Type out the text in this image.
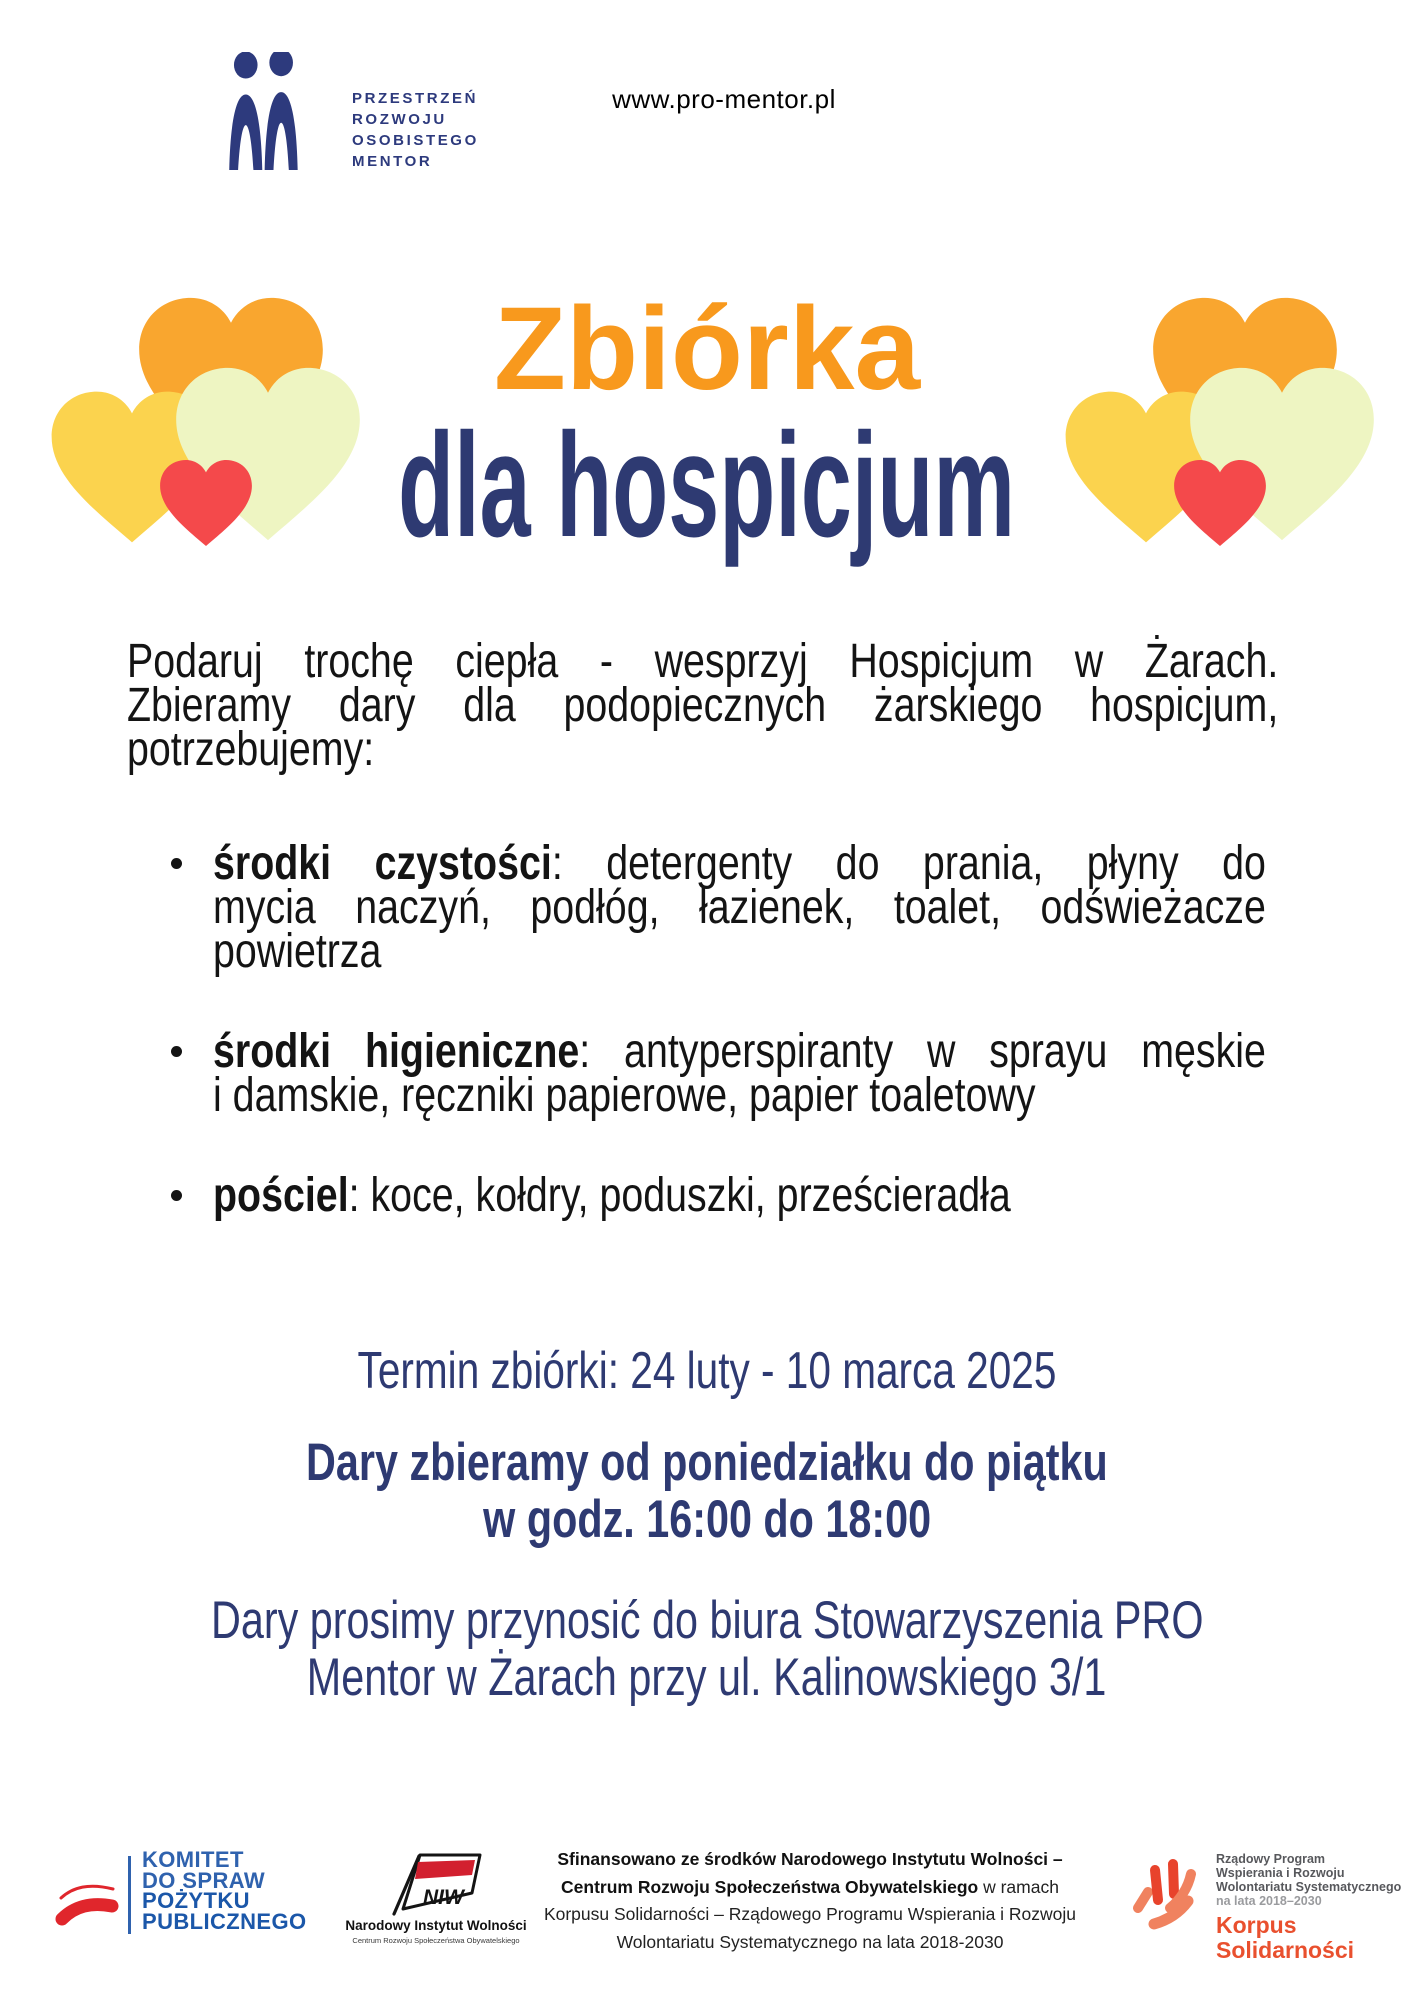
PRZESTRZEŃ
ROZWOJU
OSOBISTEGO
MENTOR
www.pro-mentor.pl
Zbiórka
dla hospicjum
Podaruj trochę ciepła - wesprzyj Hospicjum w Żarach.
Zbieramy dary dla podopiecznych żarskiego hospicjum,
potrzebujemy:
środki czystości: detergenty do prania, płyny do
mycia naczyń, podłóg, łazienek, toalet, odświeżacze
powietrza
środki higieniczne: antyperspiranty w sprayu męskie
i damskie, ręczniki papierowe, papier toaletowy
pościel: koce, kołdry, poduszki, prześcieradła
Termin zbiórki: 24 luty - 10 marca 2025
Dary zbieramy od poniedziałku do piątku
w godz. 16:00 do 18:00
Dary prosimy przynosić do biura Stowarzyszenia PRO
Mentor w Żarach przy ul. Kalinowskiego 3/1
KOMITET
DO SPRAW
POŻYTKU
PUBLICZNEGO
NIW
Narodowy Instytut Wolności
Centrum Rozwoju Społeczeństwa Obywatelskiego
Sfinansowano ze środków Narodowego Instytutu Wolności –
Centrum Rozwoju Społeczeństwa Obywatelskiego w ramach
Korpusu Solidarności – Rządowego Programu Wspierania i Rozwoju
Wolontariatu Systematycznego na lata 2018-2030
Rządowy Program
Wspierania i Rozwoju
Wolontariatu Systematycznego
na lata 2018–2030
Korpus
Solidarności
